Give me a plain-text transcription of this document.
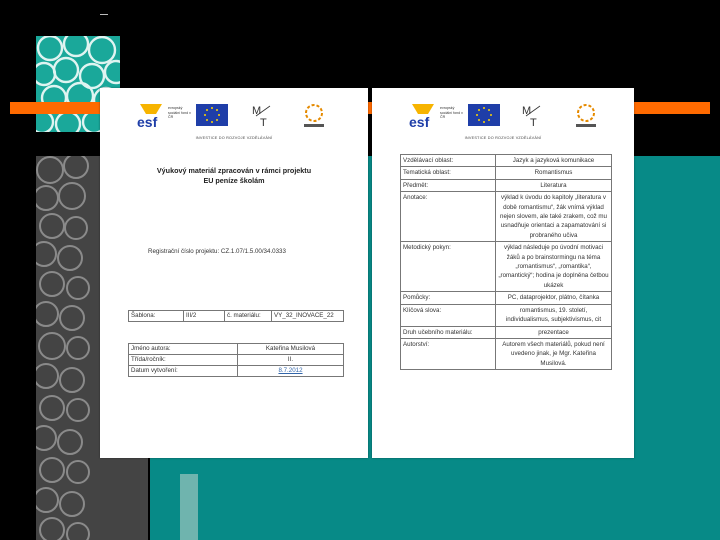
esf
evropský sociální fond v ČR	M
T
INVESTICE DO ROZVOJE VZDĚLÁVÁNÍ
Výukový materiál zpracován v rámci projektu
EU peníze školám
Registrační číslo projektu: CZ.1.07/1.5.00/34.0333
Šablona:	III/2	č. materiálu:	VY_32_INOVACE_22
Jméno autora:	Kateřina Musilová
Třída/ročník:	II.
Datum vytvoření:	8.7.2012
esf
evropský sociální fond v ČR	M
T
INVESTICE DO ROZVOJE VZDĚLÁVÁNÍ
Vzdělávací oblast:	Jazyk a jazyková komunikace
Tematická oblast:	Romantismus
Předmět:	Literatura
Anotace:	výklad k úvodu do kapitoly „literatura v době romantismu“, žák vnímá výklad nejen slovem, ale také zrakem, což mu usnadňuje orientaci a zapamatování si probraného učiva
Metodický pokyn:	výklad následuje po úvodní motivaci žáků a po brainstormingu na téma „romantismus“, „romantika“, „romantický“; hodina je doplněna četbou ukázek
Pomůcky:	PC, dataprojektor, plátno, čítanka
Klíčová slova:	romantismus, 19. století, individualismus, subjektivismus, cit
Druh učebního materiálu:	prezentace
Autorství:	Autorem všech materiálů, pokud není uvedeno jinak, je Mgr. Kateřina Musilová.
